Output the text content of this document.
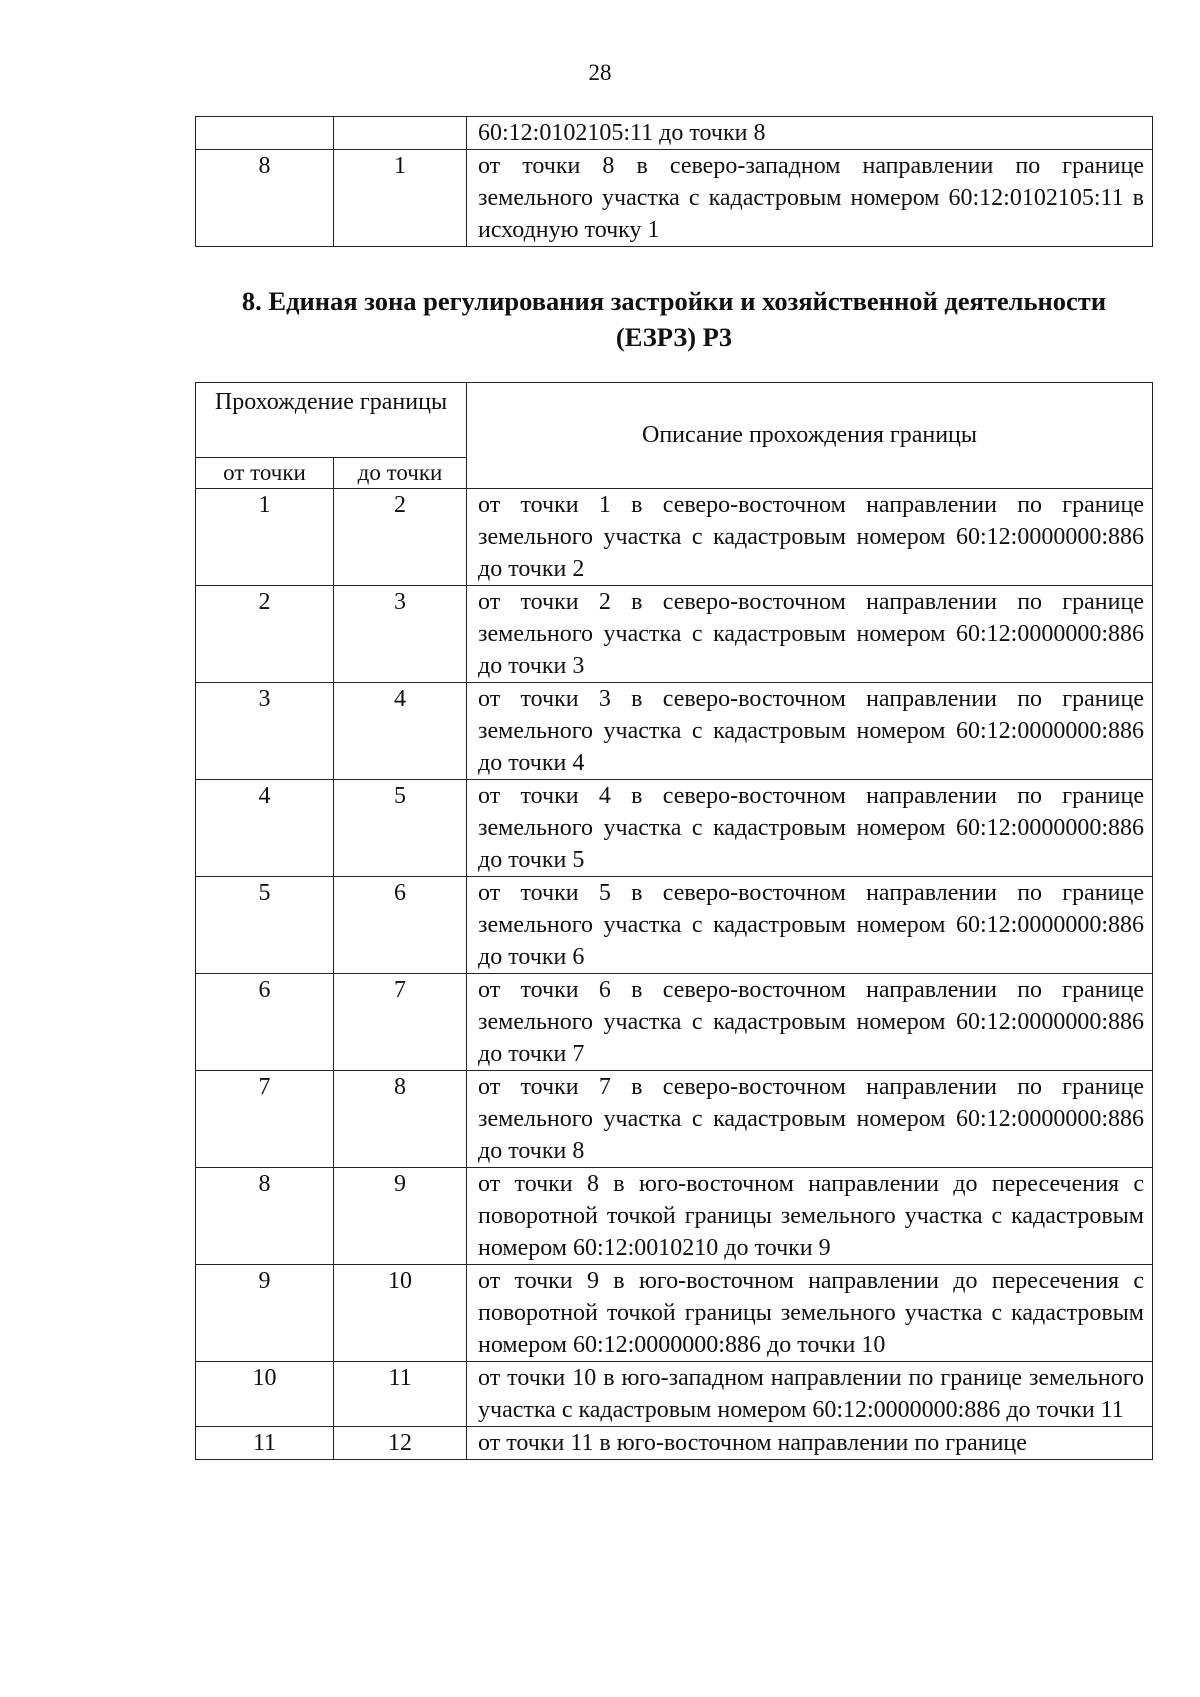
28
		60:12:0102105:11 до точки 8
8	1	от точки 8 в северо-западном направлении по границе земельного участка с кадастровым номером 60:12:0102105:11 в исходную точку 1
8. Единая зона регулирования застройки и хозяйственной деятельности
(ЕЗРЗ) Р3
Прохождение границы		Описание прохождения границы
от точки	до точки	
1	2	от точки 1 в северо-восточном направлении по границе земельного участка с кадастровым номером 60:12:0000000:886 до точки 2
2	3	от точки 2 в северо-восточном направлении по границе земельного участка с кадастровым номером 60:12:0000000:886 до точки 3
3	4	от точки 3 в северо-восточном направлении по границе земельного участка с кадастровым номером 60:12:0000000:886 до точки 4
4	5	от точки 4 в северо-восточном направлении по границе земельного участка с кадастровым номером 60:12:0000000:886 до точки 5
5	6	от точки 5 в северо-восточном направлении по границе земельного участка с кадастровым номером 60:12:0000000:886 до точки 6
6	7	от точки 6 в северо-восточном направлении по границе земельного участка с кадастровым номером 60:12:0000000:886 до точки 7
7	8	от точки 7 в северо-восточном направлении по границе земельного участка с кадастровым номером 60:12:0000000:886 до точки 8
8	9	от точки 8 в юго-восточном направлении до пересечения с поворотной точкой границы земельного участка с кадастровым номером 60:12:0010210 до точки 9
9	10	от точки 9 в юго-восточном направлении до пересечения с поворотной точкой границы земельного участка с кадастровым номером 60:12:0000000:886 до точки 10
10	11	от точки 10 в юго-западном направлении по границе земельного участка с кадастровым номером 60:12:0000000:886 до точки 11
11	12	от точки 11 в юго-восточном направлении по границе
